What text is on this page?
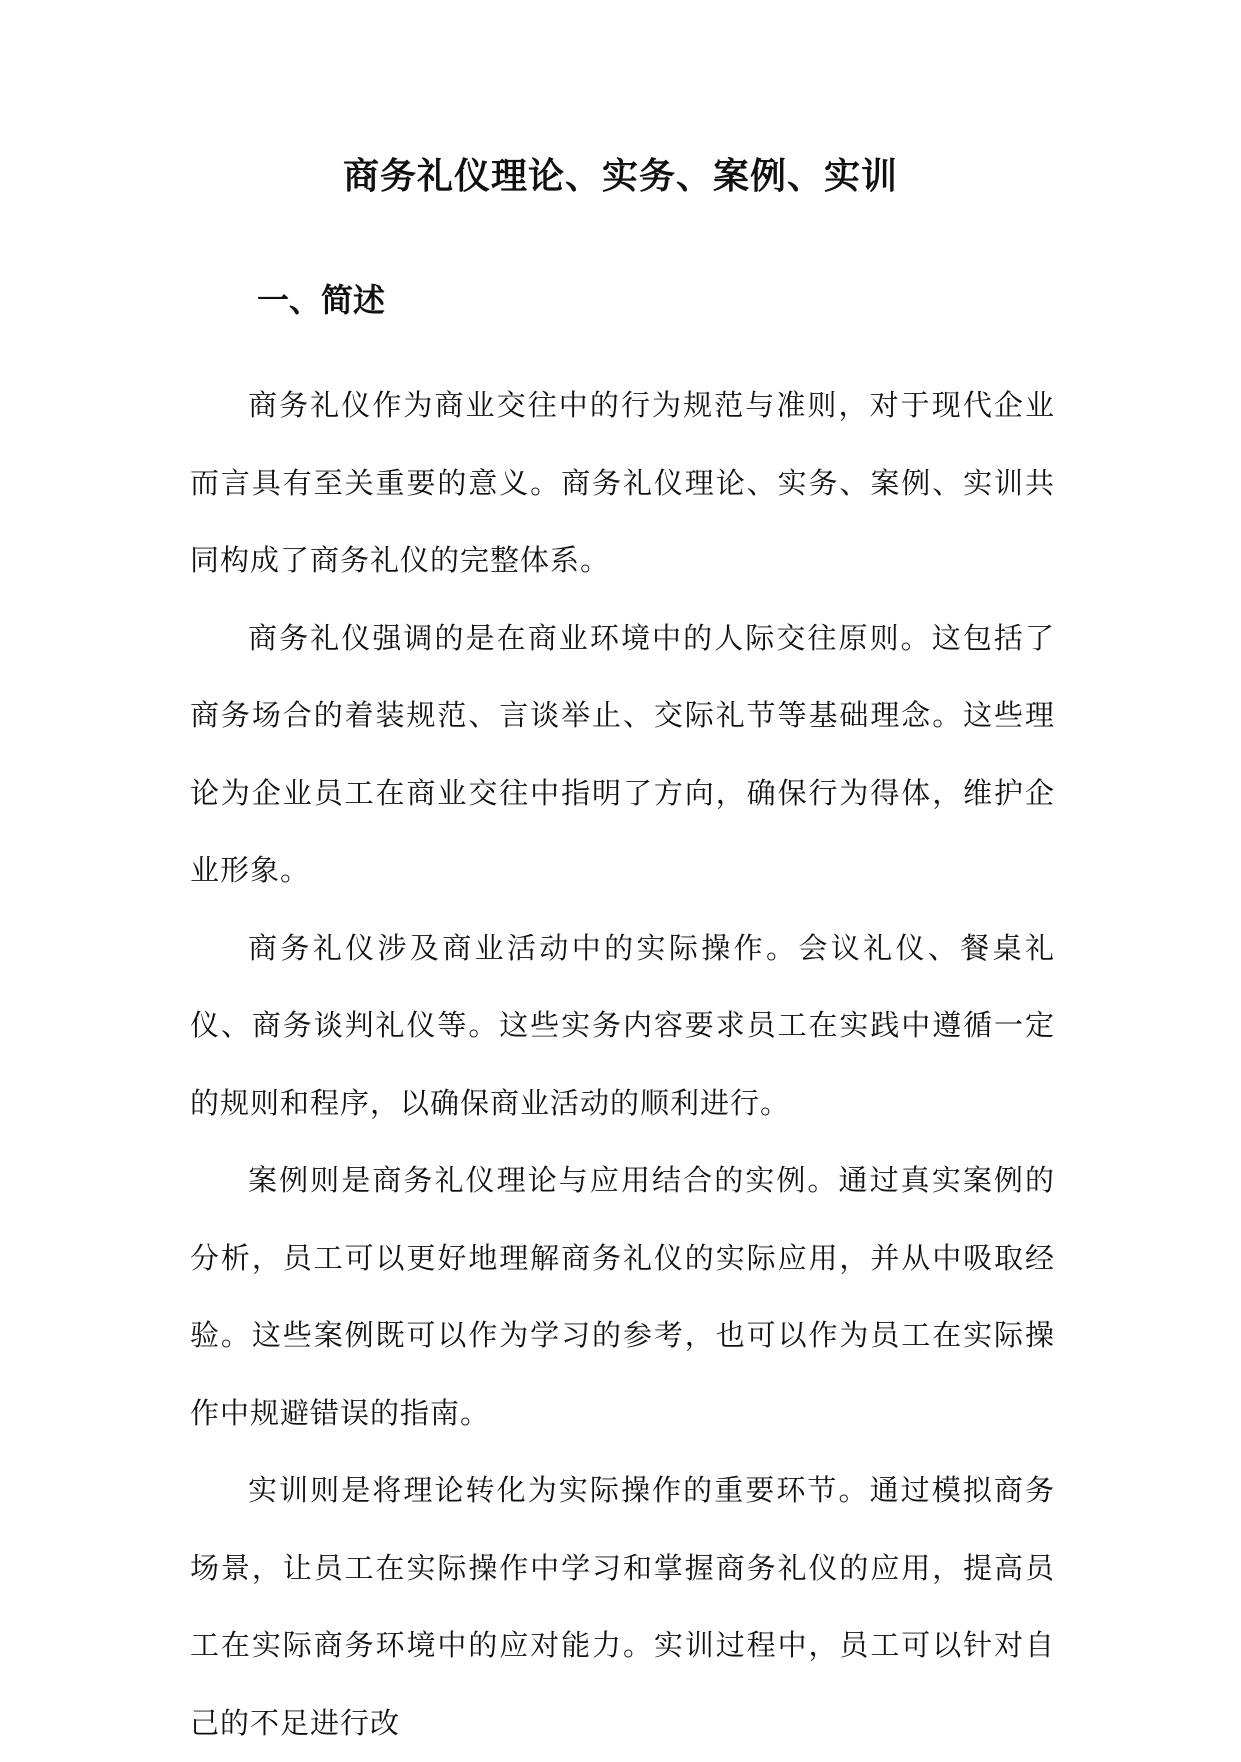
商务礼仪理论、实务、案例、实训
一、简述

商务礼仪作为商业交往中的行为规范与准则，对于现代企业而言具有至关重要的意义。商务礼仪理论、实务、案例、实训共同构成了商务礼仪的完整体系。

商务礼仪强调的是在商业环境中的人际交往原则。这包括了商务场合的着装规范、言谈举止、交际礼节等基础理念。这些理论为企业员工在商业交往中指明了方向，确保行为得体，维护企业形象。

商务礼仪涉及商业活动中的实际操作。会议礼仪、餐桌礼仪、商务谈判礼仪等。这些实务内容要求员工在实践中遵循一定的规则和程序，以确保商业活动的顺利进行。

案例则是商务礼仪理论与应用结合的实例。通过真实案例的分析，员工可以更好地理解商务礼仪的实际应用，并从中吸取经验。这些案例既可以作为学习的参考，也可以作为员工在实际操作中规避错误的指南。

实训则是将理论转化为实际操作的重要环节。通过模拟商务场景，让员工在实际操作中学习和掌握商务礼仪的应用，提高员工在实际商务环境中的应对能力。实训过程中，员工可以针对自己的不足进行改
